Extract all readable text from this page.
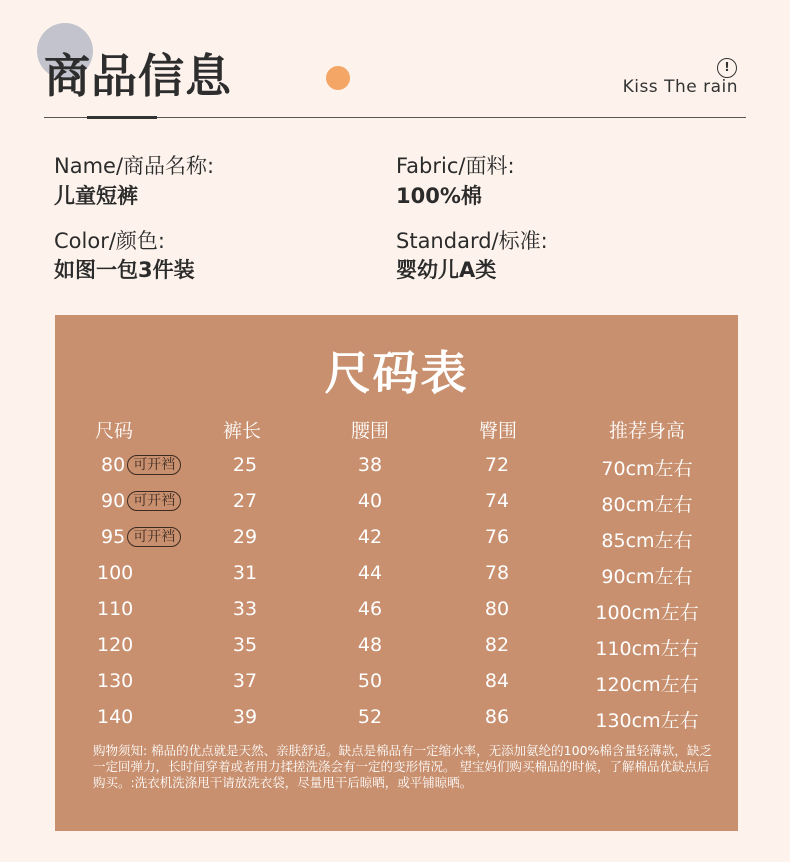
商品信息	!
Kiss The rain
Name/商品名称:
儿童短裤
Fabric/面料:
100%棉
Color/颜色:
如图一包3件装
Standard/标准:
婴幼儿A类
尺码表
尺码	裤长	腰围	臀围	推荐身高
80 可开裆	25	38	72	70cm左右
90 可开裆	27	40	74	80cm左右
95 可开裆	29	42	76	85cm左右
100	31	44	78	90cm左右
110	33	46	80	100cm左右
120	35	48	82	110cm左右
130	37	50	84	120cm左右
140	39	52	86	130cm左右
购物须知: 棉品的优点就是天然、亲肤舒适。缺点是棉品有一定缩水率，无添加氨纶的100%棉含量轻薄款，缺乏一定回弹力，长时间穿着或者用力揉搓洗涤会有一定的变形情况。 望宝妈们购买棉品的时候，了解棉品优缺点后购买。:洗衣机洗涤甩干请放洗衣袋，尽量甩干后晾晒，或平铺晾晒。
